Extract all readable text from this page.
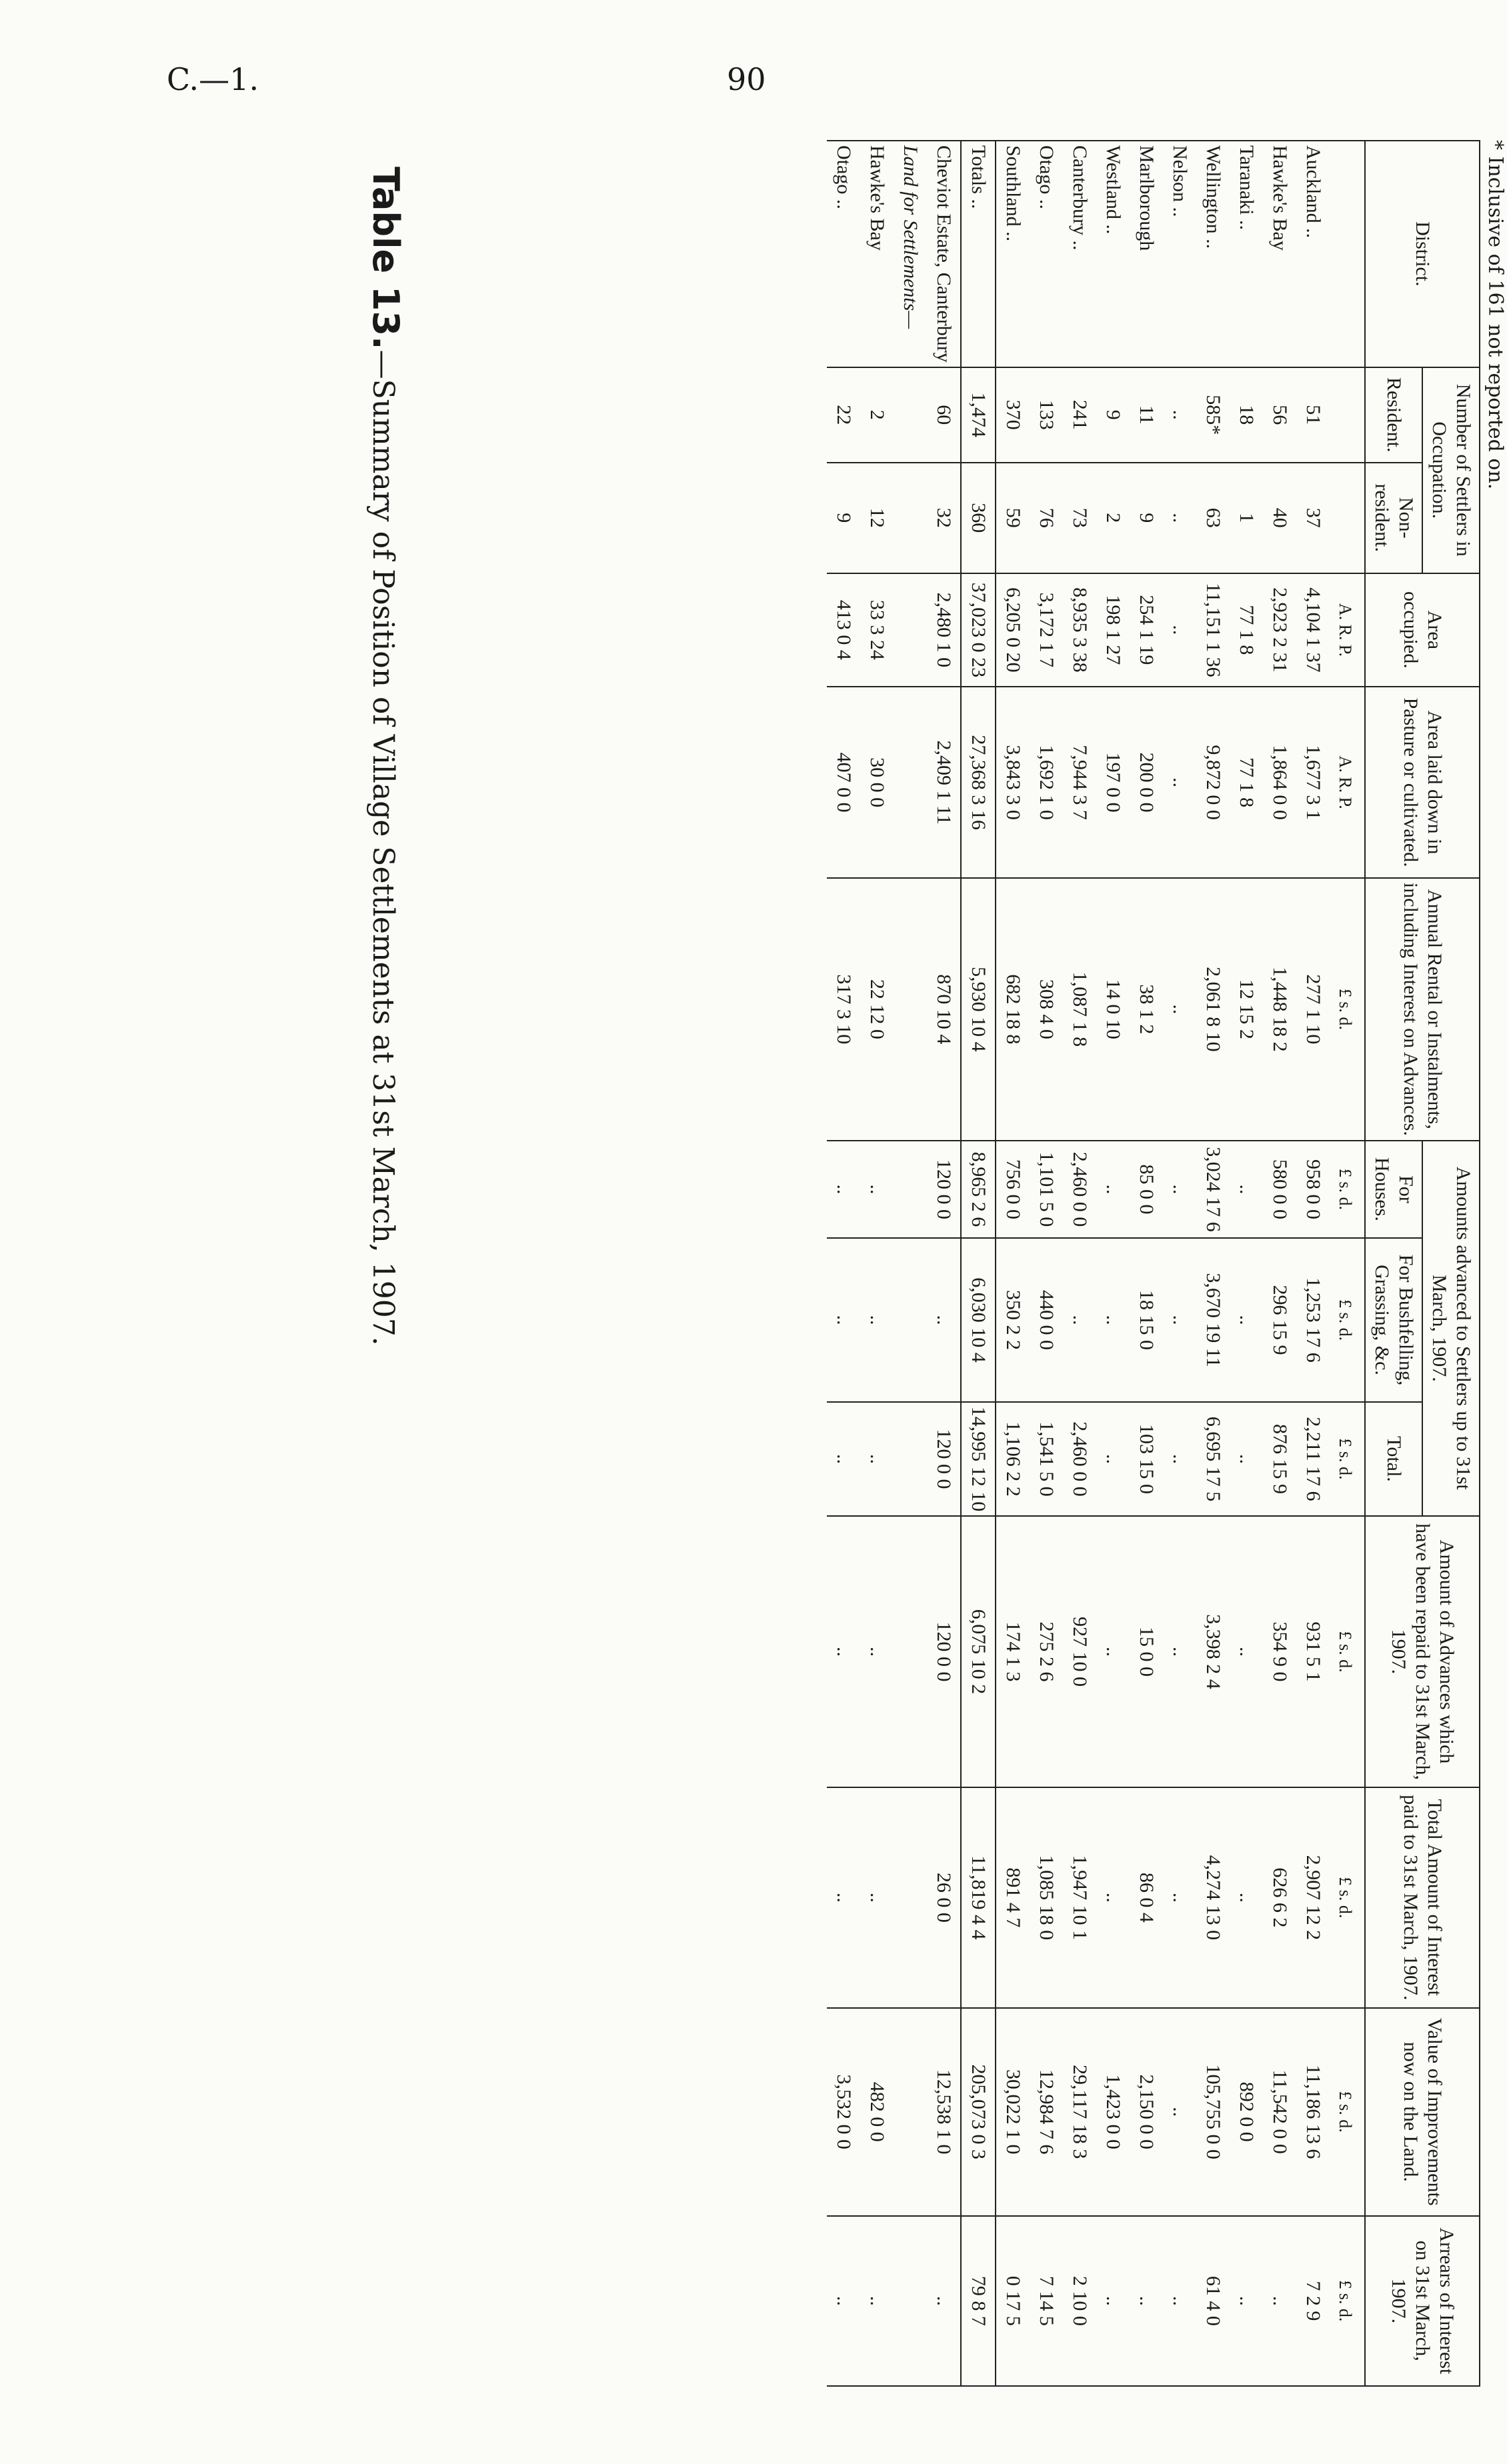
C.—1.	90
* Inclusive of 161 not reported on.
District.	Number of Settlers in Occupation.		Area occupied.	Area laid down in Pasture or cultivated.	Annual Rental or Instalments, including Interest on Advances.	Amounts advanced to Settlers up to 31st March, 1907.			Amount of Advances which have been repaid to 31st March, 1907.	Total Amount of Interest paid to 31st March, 1907.	Value of Improvements now on the Land.	Arrears of Interest on 31st March, 1907.
	Resident.	Non-resident.				For Houses.	For Bushfelling, Grassing, &c.	Total.				
			A. R. P.	A. R. P.	£ s. d.	£ s. d.	£ s. d.	£ s. d.	£ s. d.	£ s. d.	£ s. d.	£ s. d.
Auckland ..	51	37	4,104 1 37	1,677 3 1	277 1 10	958 0 0	1,253 17 6	2,211 17 6	931 5 1	2,907 12 2	11,186 13 6	7 2 9
Hawke's Bay	56	40	2,923 2 31	1,864 0 0	1,448 18 2	580 0 0	296 15 9	876 15 9	354 9 0	626 6 2	11,542 0 0	..
Taranaki ..	18	1	77 1 8	77 1 8	12 15 2	..	..	..	..	..	892 0 0	..
Wellington ..	585*	63	11,151 1 36	9,872 0 0	2,061 8 10	3,024 17 6	3,670 19 11	6,695 17 5	3,398 2 4	4,274 13 0	105,755 0 0	61 4 0
Nelson ..	..	..	..	..	..	..	..	..	..	..	..	..
Marlborough	11	9	254 1 19	200 0 0	38 1 2	85 0 0	18 15 0	103 15 0	15 0 0	86 0 4	2,150 0 0	..
Westland ..	9	2	198 1 27	197 0 0	14 0 10	..	..	..	..	..	1,423 0 0	..
Canterbury ..	241	73	8,935 3 38	7,944 3 7	1,087 1 8	2,460 0 0	..	2,460 0 0	927 10 0	1,947 10 1	29,117 18 3	2 10 0
Otago ..	133	76	3,172 1 7	1,692 1 0	308 4 0	1,101 5 0	440 0 0	1,541 5 0	275 2 6	1,085 18 0	12,984 7 6	7 14 5
Southland ..	370	59	6,205 0 20	3,843 3 0	682 18 8	756 0 0	350 2 2	1,106 2 2	174 1 3	891 4 7	30,022 1 0	0 17 5
Totals ..	1,474	360	37,023 0 23	27,368 3 16	5,930 10 4	8,965 2 6	6,030 10 4	14,995 12 10	6,075 10 2	11,819 4 4	205,073 0 3	79 8 7
Cheviot Estate, Canterbury	60	32	2,480 1 0	2,409 1 11	870 10 4	120 0 0	..	120 0 0	120 0 0	26 0 0	12,538 1 0	..
Land for Settlements—												
Hawke's Bay	2	12	33 3 24	30 0 0	22 12 0	..	..	..	..	..	482 0 0	..
Otago ..	22	9	413 0 4	407 0 0	317 3 10	..	..	..	..	..	3,532 0 0	..
Table 13.—Summary of Position of Village Settlements at 31st March, 1907.
